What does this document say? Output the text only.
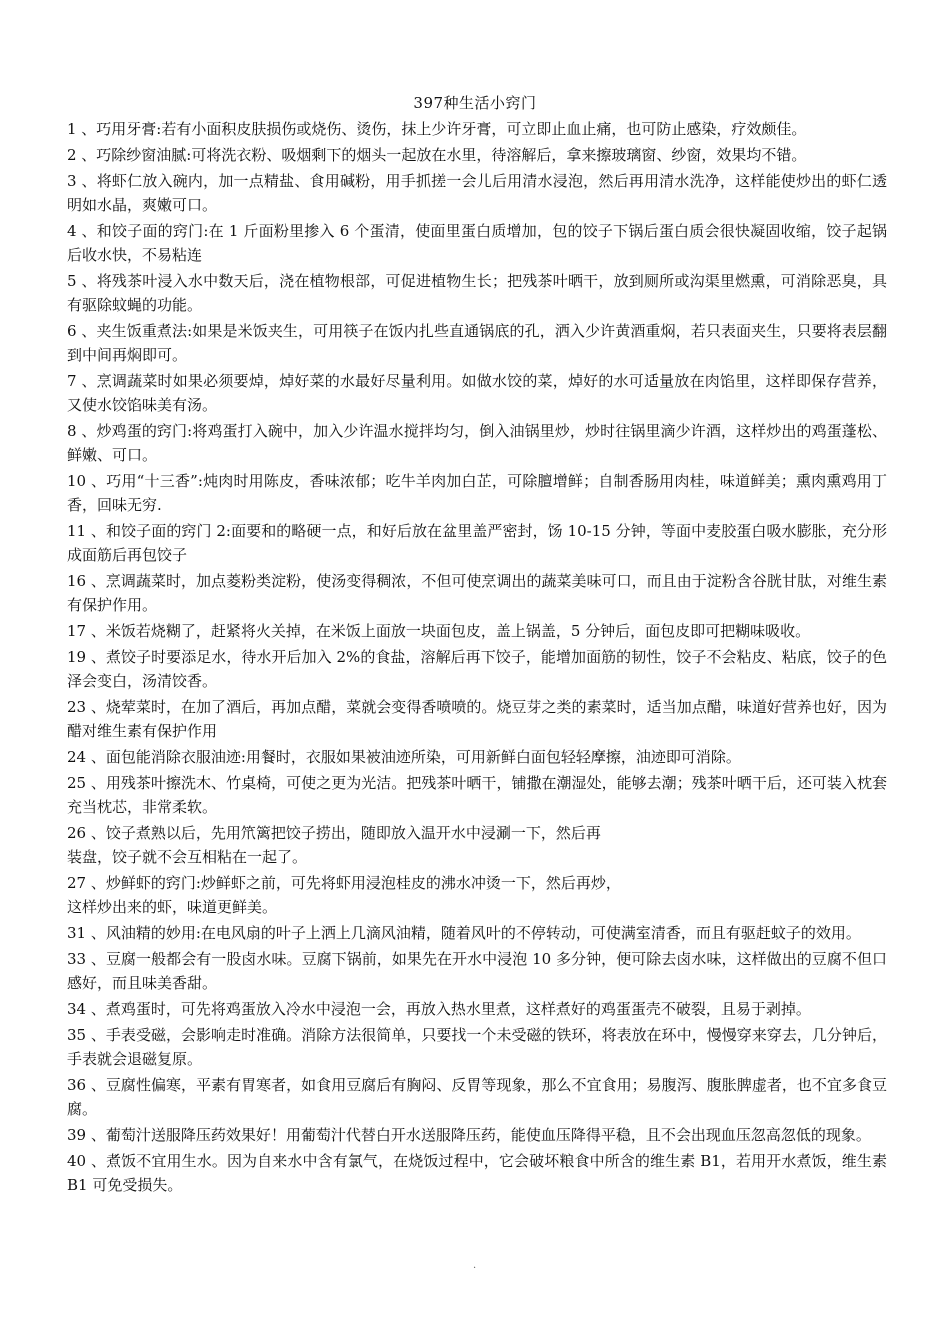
397种生活小窍门
1 、巧用牙膏:若有小面积皮肤损伤或烧伤、烫伤，抹上少许牙膏，可立即止血止痛，也可防止感染，疗效颇佳。
2 、巧除纱窗油腻:可将洗衣粉、吸烟剩下的烟头一起放在水里，待溶解后，拿来擦玻璃窗、纱窗，效果均不错。
3 、将虾仁放入碗内，加一点精盐、食用碱粉，用手抓搓一会儿后用清水浸泡，然后再用清水洗净，这样能使炒出的虾仁透明如水晶，爽嫩可口。
4 、和饺子面的窍门:在 1 斤面粉里掺入 6 个蛋清，使面里蛋白质增加，包的饺子下锅后蛋白质会很快凝固收缩，饺子起锅后收水快，不易粘连
5 、将残茶叶浸入水中数天后，浇在植物根部，可促进植物生长；把残茶叶晒干，放到厕所或沟渠里燃熏，可消除恶臭，具有驱除蚊蝇的功能。
6 、夹生饭重煮法:如果是米饭夹生，可用筷子在饭内扎些直通锅底的孔，洒入少许黄酒重焖，若只表面夹生，只要将表层翻到中间再焖即可。
7 、烹调蔬菜时如果必须要焯，焯好菜的水最好尽量利用。如做水饺的菜，焯好的水可适量放在肉馅里，这样即保存营养，又使水饺馅味美有汤。
8 、炒鸡蛋的窍门:将鸡蛋打入碗中，加入少许温水搅拌均匀，倒入油锅里炒，炒时往锅里滴少许酒，这样炒出的鸡蛋蓬松、鲜嫩、可口。
10 、巧用“十三香”:炖肉时用陈皮，香味浓郁；吃牛羊肉加白芷，可除膻增鲜；自制香肠用肉桂，味道鲜美；熏肉熏鸡用丁香，回味无穷.
11 、和饺子面的窍门 2:面要和的略硬一点，和好后放在盆里盖严密封，饧 10-15 分钟，等面中麦胶蛋白吸水膨胀，充分形成面筋后再包饺子
16 、烹调蔬菜时，加点菱粉类淀粉，使汤变得稠浓，不但可使烹调出的蔬菜美味可口，而且由于淀粉含谷胱甘肽，对维生素有保护作用。
17 、米饭若烧糊了，赶紧将火关掉，在米饭上面放一块面包皮，盖上锅盖，5 分钟后，面包皮即可把糊味吸收。
19 、煮饺子时要添足水，待水开后加入 2%的食盐，溶解后再下饺子，能增加面筋的韧性，饺子不会粘皮、粘底，饺子的色泽会变白，汤清饺香。
23 、烧荤菜时，在加了酒后，再加点醋，菜就会变得香喷喷的。烧豆芽之类的素菜时，适当加点醋，味道好营养也好，因为醋对维生素有保护作用
24 、面包能消除衣服油迹:用餐时，衣服如果被油迹所染，可用新鲜白面包轻轻摩擦，油迹即可消除。
25 、用残茶叶擦洗木、竹桌椅，可使之更为光洁。把残茶叶晒干，铺撒在潮湿处，能够去潮；残茶叶晒干后，还可装入枕套充当枕芯，非常柔软。
26 、饺子煮熟以后，先用笊篱把饺子捞出，随即放入温开水中浸涮一下，然后再
装盘，饺子就不会互相粘在一起了。
27 、炒鲜虾的窍门:炒鲜虾之前，可先将虾用浸泡桂皮的沸水冲烫一下，然后再炒，
这样炒出来的虾，味道更鲜美。
31 、风油精的妙用:在电风扇的叶子上洒上几滴风油精，随着风叶的不停转动，可使满室清香，而且有驱赶蚊子的效用。
33 、豆腐一般都会有一股卤水味。豆腐下锅前，如果先在开水中浸泡 10 多分钟，便可除去卤水味，这样做出的豆腐不但口感好，而且味美香甜。
34 、煮鸡蛋时，可先将鸡蛋放入冷水中浸泡一会，再放入热水里煮，这样煮好的鸡蛋蛋壳不破裂，且易于剥掉。
35 、手表受磁，会影响走时准确。消除方法很简单，只要找一个未受磁的铁环，将表放在环中，慢慢穿来穿去，几分钟后，手表就会退磁复原。
36 、豆腐性偏寒，平素有胃寒者，如食用豆腐后有胸闷、反胃等现象，那么不宜食用；易腹泻、腹胀脾虚者，也不宜多食豆腐。
39 、葡萄汁送服降压药效果好！用葡萄汁代替白开水送服降压药，能使血压降得平稳，且不会出现血压忽高忽低的现象。
40 、煮饭不宜用生水。因为自来水中含有氯气，在烧饭过程中，它会破坏粮食中所含的维生素 B1，若用开水煮饭，维生素 B1 可免受损失。
·
